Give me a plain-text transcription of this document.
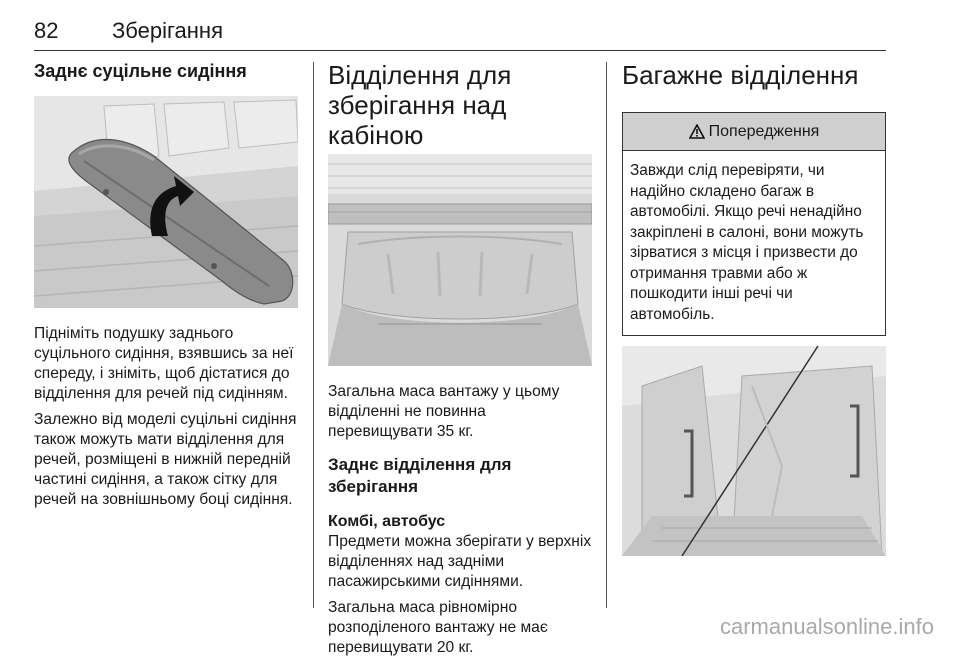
82 Зберігання
Заднє суцільне сидіння

Підніміть подушку заднього суцільного сидіння, взявшись за неї спереду, і зніміть, щоб дістатися до відділення для речей під сидінням.

Залежно від моделі суцільні сидіння також можуть мати відділення для речей, розміщені в нижній передній частині сидіння, а також сітку для речей на зовнішньому боці сидіння.

Відділення для зберігання над кабіною

Загальна маса вантажу у цьому відділенні не повинна перевищувати 35 кг.

Заднє відділення для зберігання
Комбі, автобус

Предмети можна зберігати у верхніх відділеннях над задніми пасажирськими сидіннями.

Загальна маса рівномірно розподіленого вантажу не має перевищувати 20 кг.

Багажне відділення
Попередження

Завжди слід перевіряти, чи надійно складено багаж в автомобілі. Якщо речі ненадійно закріплені в салоні, вони можуть зірватися з місця і призвести до отримання травми або ж пошкодити інші речі чи автомобіль.

carmanualsonline.info
